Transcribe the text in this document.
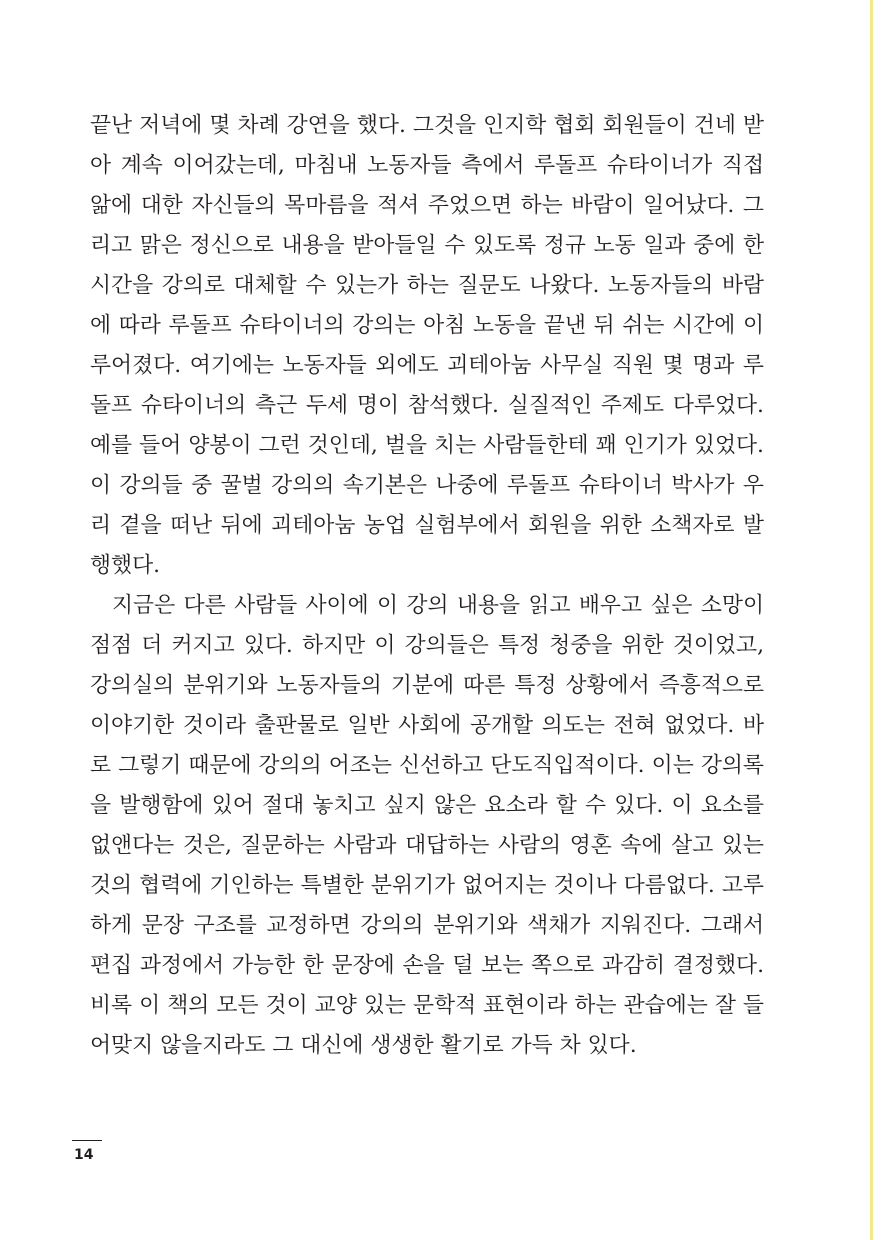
끝난 저녁에 몇 차례 강연을 했다. 그것을 인지학 협회 회원들이 건네 받아 계속 이어갔는데, 마침내 노동자들 측에서 루돌프 슈타이너가 직접 앎에 대한 자신들의 목마름을 적셔 주었으면 하는 바람이 일어났다. 그리고 맑은 정신으로 내용을 받아들일 수 있도록 정규 노동 일과 중에 한 시간을 강의로 대체할 수 있는가 하는 질문도 나왔다. 노동자들의 바람에 따라 루돌프 슈타이너의 강의는 아침 노동을 끝낸 뒤 쉬는 시간에 이루어졌다. 여기에는 노동자들 외에도 괴테아눔 사무실 직원 몇 명과 루돌프 슈타이너의 측근 두세 명이 참석했다. 실질적인 주제도 다루었다. 예를 들어 양봉이 그런 것인데, 벌을 치는 사람들한테 꽤 인기가 있었다. 이 강의들 중 꿀벌 강의의 속기본은 나중에 루돌프 슈타이너 박사가 우리 곁을 떠난 뒤에 괴테아눔 농업 실험부에서 회원을 위한 소책자로 발행했다.

지금은 다른 사람들 사이에 이 강의 내용을 읽고 배우고 싶은 소망이 점점 더 커지고 있다. 하지만 이 강의들은 특정 청중을 위한 것이었고, 강의실의 분위기와 노동자들의 기분에 따른 특정 상황에서 즉흥적으로 이야기한 것이라 출판물로 일반 사회에 공개할 의도는 전혀 없었다. 바로 그렇기 때문에 강의의 어조는 신선하고 단도직입적이다. 이는 강의록을 발행함에 있어 절대 놓치고 싶지 않은 요소라 할 수 있다. 이 요소를 없앤다는 것은, 질문하는 사람과 대답하는 사람의 영혼 속에 살고 있는 것의 협력에 기인하는 특별한 분위기가 없어지는 것이나 다름없다. 고루하게 문장 구조를 교정하면 강의의 분위기와 색채가 지워진다. 그래서 편집 과정에서 가능한 한 문장에 손을 덜 보는 쪽으로 과감히 결정했다. 비록 이 책의 모든 것이 교양 있는 문학적 표현이라 하는 관습에는 잘 들어맞지 않을지라도 그 대신에 생생한 활기로 가득 차 있다.

14
